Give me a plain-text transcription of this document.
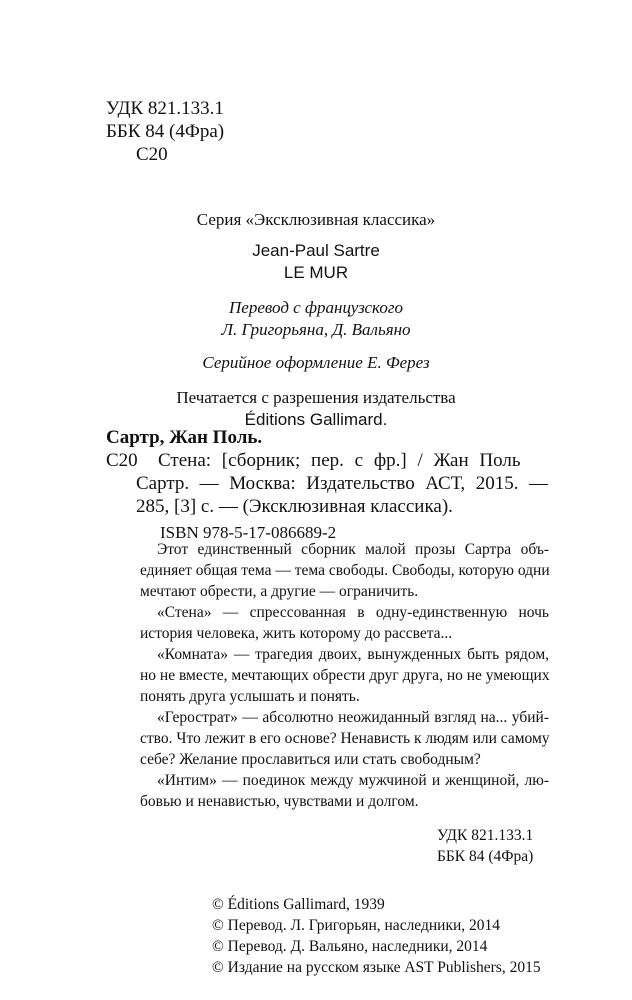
УДК 821.133.1
ББК 84 (4Фра)
С20
Серия «Эксклюзивная классика»
Jean-Paul Sartre
LE MUR
Перевод с французского
Л. Григорьяна, Д. Вальяно
Серийное оформление Е. Ферез
Печатается с разрешения издательства
Éditions Gallimard.
Сартр, Жан Поль.
С20 Стена: [сборник; пер. с фр.] / Жан Поль
Сартр. — Москва: Издательство АСТ, 2015. —
285, [3] с. — (Эксклюзивная классика).
ISBN 978-5-17-086689-2
Этот единственный сборник малой прозы Сартра объ-
единяет общая тема — тема свободы. Свободы, которую одни
мечтают обрести, а другие — ограничить.
«Стена» — спрессованная в одну-единственную ночь
история человека, жить которому до рассвета...
«Комната» — трагедия двоих, вынужденных быть рядом,
но не вместе, мечтающих обрести друг друга, но не умеющих
понять друга услышать и понять.
«Герострат» — абсолютно неожиданный взгляд на... убий-
ство. Что лежит в его основе? Ненависть к людям или самому
себе? Желание прославиться или стать свободным?
«Интим» — поединок между мужчиной и женщиной, лю-
бовью и ненавистью, чувствами и долгом.
УДК 821.133.1
ББК 84 (4Фра)
© Éditions Gallimard, 1939
© Перевод. Л. Григорьян, наследники, 2014
© Перевод. Д. Вальяно, наследники, 2014
© Издание на русском языке AST Publishers, 2015
